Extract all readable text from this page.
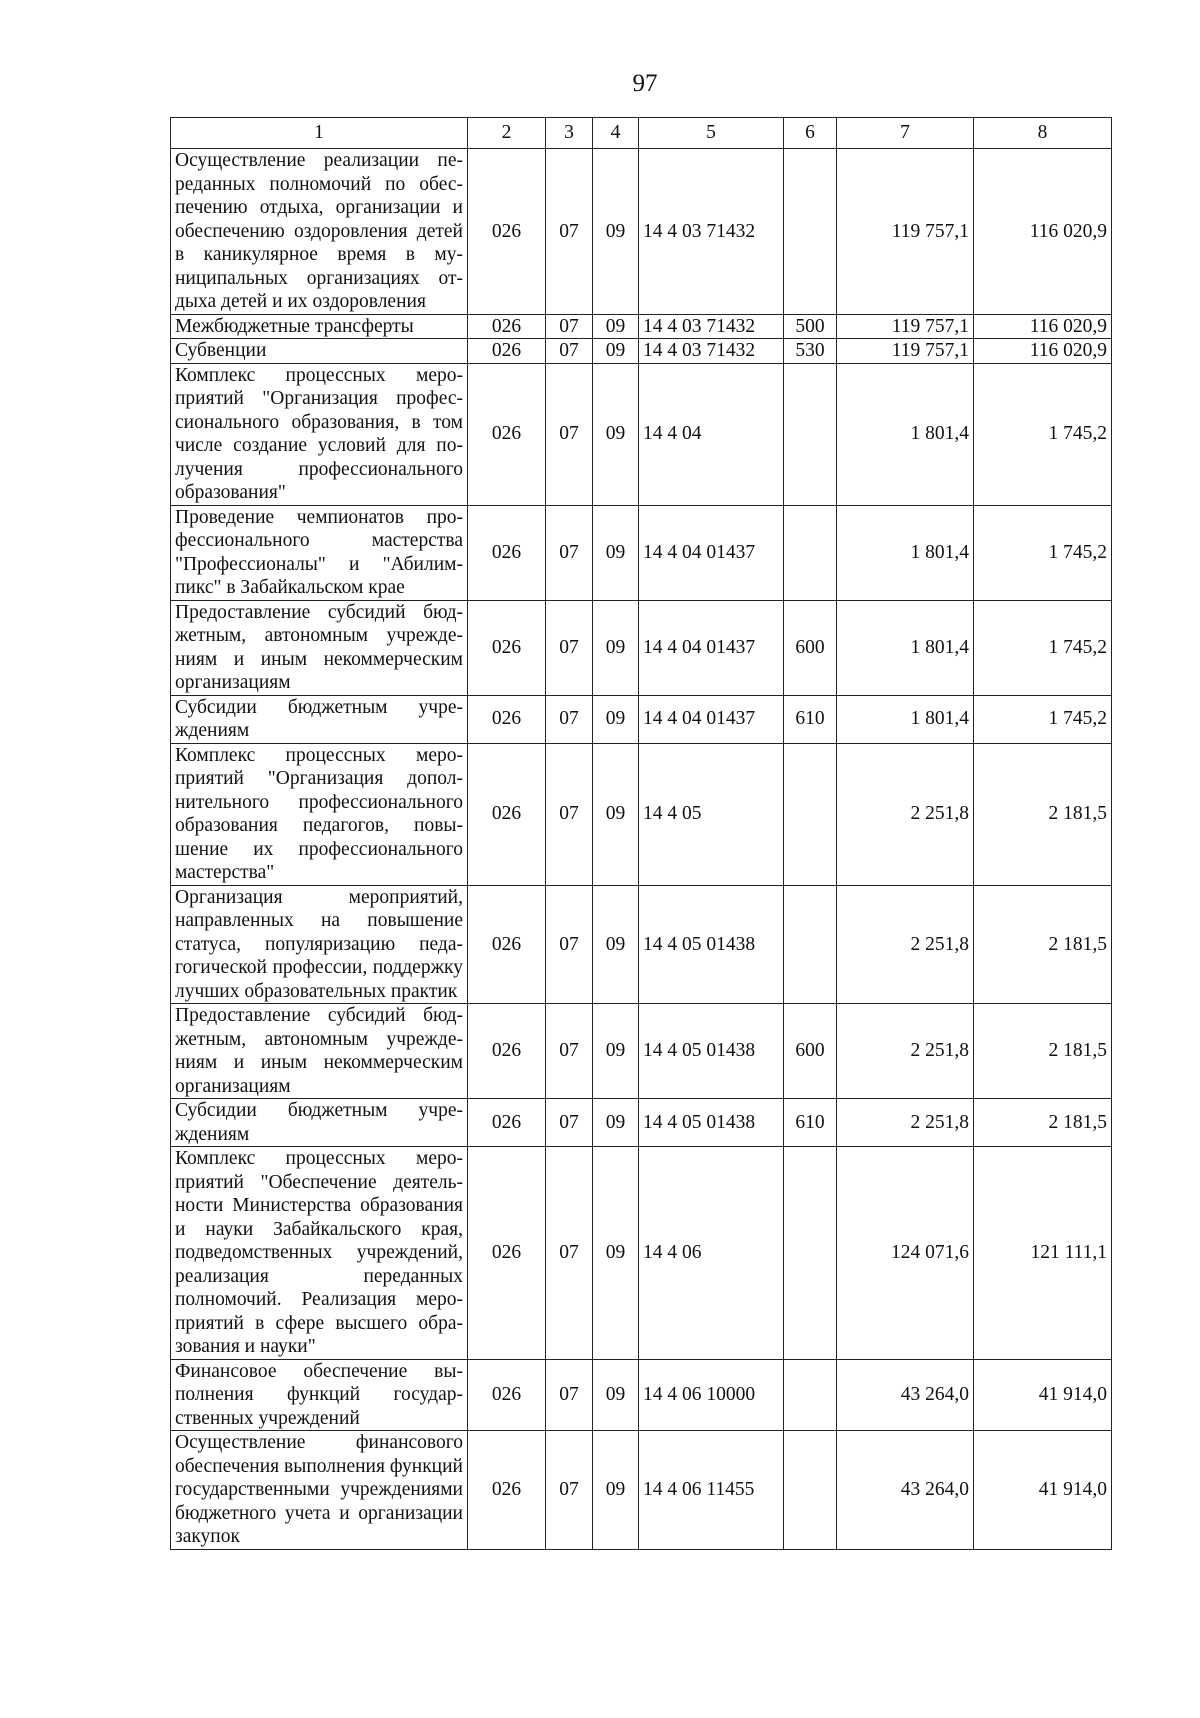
97
1	2	3	4	5	6	7	8
Осуществление реализации переданных полномочий по обеспечению отдыха, организации и обеспечению оздоровления детей в каникулярное время в муниципальных организациях отдыха детей и их оздоровления	026	07	09	14 4 03 71432		119 757,1	116 020,9
Межбюджетные трансферты	026	07	09	14 4 03 71432	500	119 757,1	116 020,9
Субвенции	026	07	09	14 4 03 71432	530	119 757,1	116 020,9
Комплекс процессных мероприятий "Организация профессионального образования, в том числе создание условий для получения профессионального образования"	026	07	09	14 4 04		1 801,4	1 745,2
Проведение чемпионатов профессионального мастерства "Профессионалы" и "Абилимпикс" в Забайкальском крае	026	07	09	14 4 04 01437		1 801,4	1 745,2
Предоставление субсидий бюджетным, автономным учреждениям и иным некоммерческим организациям	026	07	09	14 4 04 01437	600	1 801,4	1 745,2
Субсидии бюджетным учреждениям	026	07	09	14 4 04 01437	610	1 801,4	1 745,2
Комплекс процессных мероприятий "Организация дополнительного профессионального образования педагогов, повышение их профессионального мастерства"	026	07	09	14 4 05		2 251,8	2 181,5
Организация мероприятий, направленных на повышение статуса, популяризацию педагогической профессии, поддержку лучших образовательных практик	026	07	09	14 4 05 01438		2 251,8	2 181,5
Предоставление субсидий бюджетным, автономным учреждениям и иным некоммерческим организациям	026	07	09	14 4 05 01438	600	2 251,8	2 181,5
Субсидии бюджетным учреждениям	026	07	09	14 4 05 01438	610	2 251,8	2 181,5
Комплекс процессных мероприятий "Обеспечение деятельности Министерства образования и науки Забайкальского края, подведомственных учреждений, реализация переданных полномочий. Реализация мероприятий в сфере высшего образования и науки"	026	07	09	14 4 06		124 071,6	121 111,1
Финансовое обеспечение выполнения функций государственных учреждений	026	07	09	14 4 06 10000		43 264,0	41 914,0
Осуществление финансового обеспечения выполнения функций государственными учреждениями бюджетного учета и организации закупок	026	07	09	14 4 06 11455		43 264,0	41 914,0
